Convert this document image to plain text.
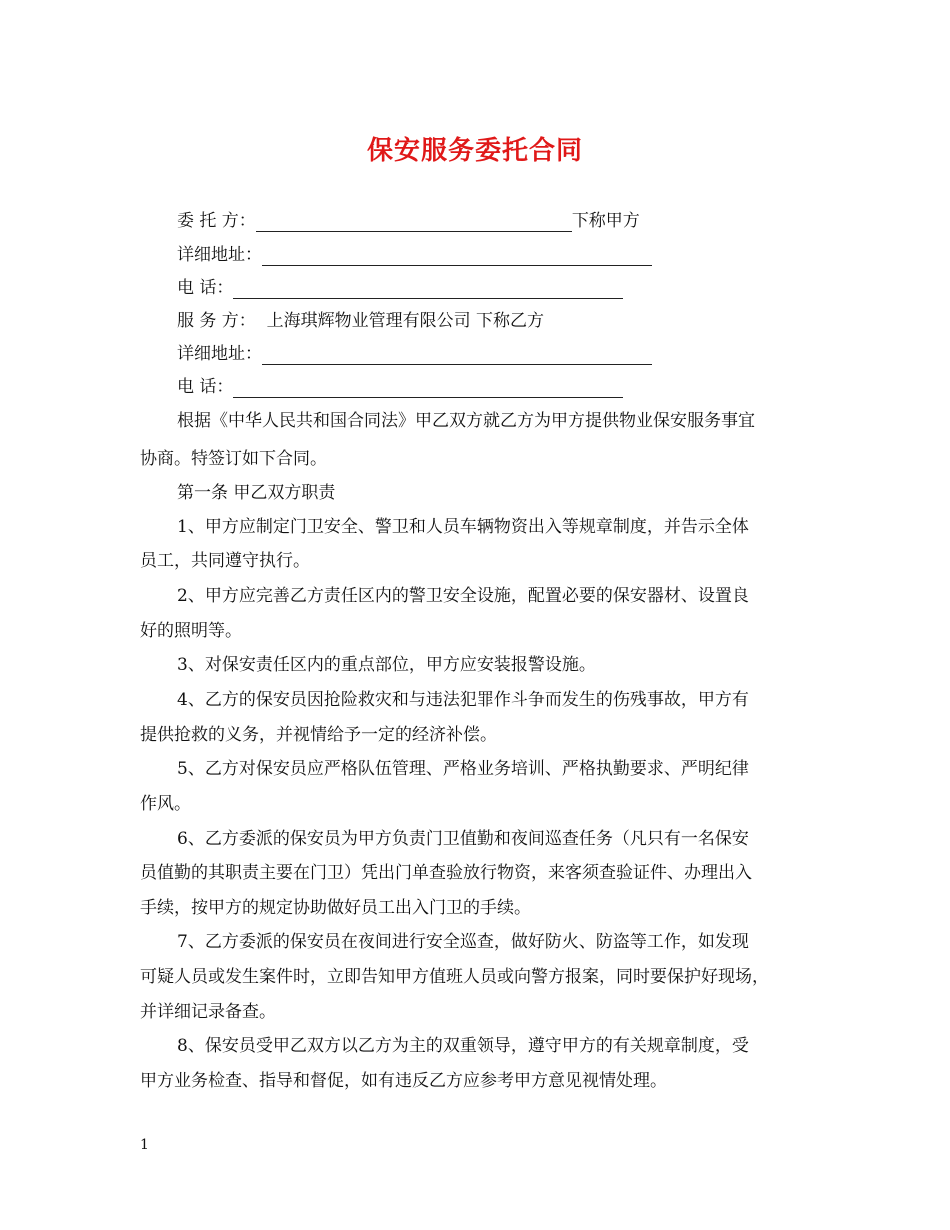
保安服务委托合同
委 托 方：	下称甲方
详细地址：
电 话：
服 务 方： 上海琪辉物业管理有限公司 下称乙方
详细地址：
电 话：
根据《中华人民共和国合同法》甲乙双方就乙方为甲方提供物业保安服务事宜
协商。特签订如下合同。
第一条 甲乙双方职责
1、甲方应制定门卫安全、警卫和人员车辆物资出入等规章制度，并告示全体
员工，共同遵守执行。
2、甲方应完善乙方责任区内的警卫安全设施，配置必要的保安器材、设置良
好的照明等。
3、对保安责任区内的重点部位，甲方应安装报警设施。
4、乙方的保安员因抢险救灾和与违法犯罪作斗争而发生的伤残事故，甲方有
提供抢救的义务，并视情给予一定的经济补偿。
5、乙方对保安员应严格队伍管理、严格业务培训、严格执勤要求、严明纪律
作风。
6、乙方委派的保安员为甲方负责门卫值勤和夜间巡查任务（凡只有一名保安
员值勤的其职责主要在门卫）凭出门单查验放行物资，来客须查验证件、办理出入
手续，按甲方的规定协助做好员工出入门卫的手续。
7、乙方委派的保安员在夜间进行安全巡查，做好防火、防盗等工作，如发现
可疑人员或发生案件时，立即告知甲方值班人员或向警方报案，同时要保护好现场，
并详细记录备查。
8、保安员受甲乙双方以乙方为主的双重领导，遵守甲方的有关规章制度，受
甲方业务检查、指导和督促，如有违反乙方应参考甲方意见视情处理。
1
